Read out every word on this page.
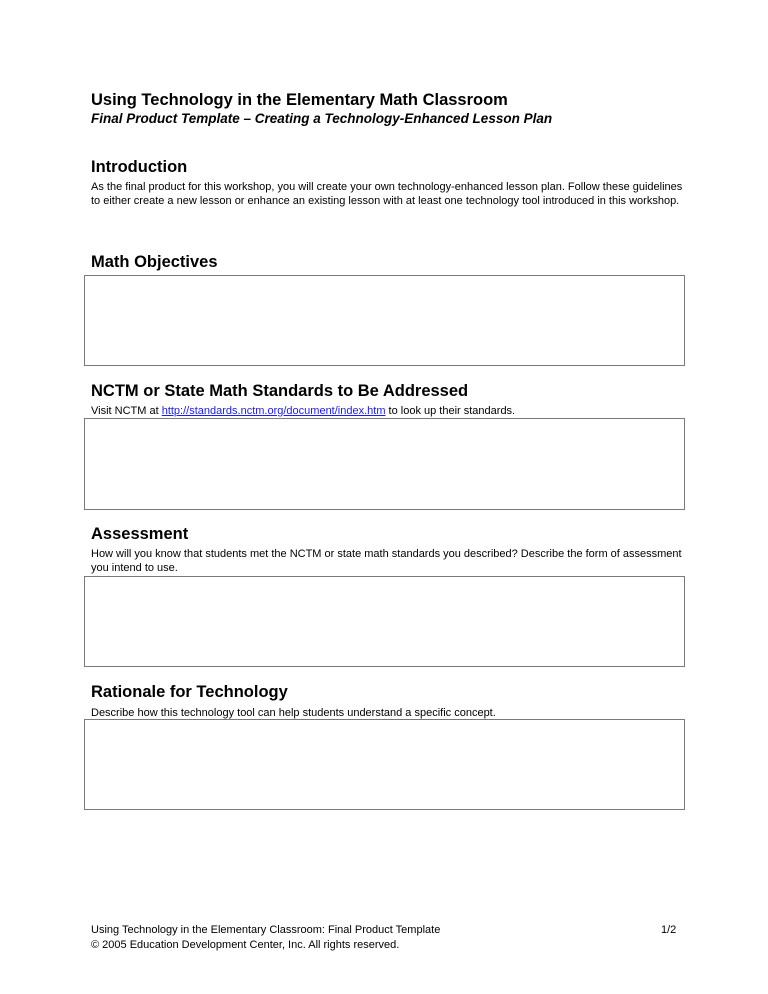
Using Technology in the Elementary Math Classroom
Final Product Template – Creating a Technology-Enhanced Lesson Plan
Introduction

As the final product for this workshop, you will create your own technology-enhanced lesson plan. Follow these guidelines to either create a new lesson or enhance an existing lesson with at least one technology tool introduced in this workshop.

Math Objectives
NCTM or State Math Standards to Be Addressed

Visit NCTM at http://standards.nctm.org/document/index.htm to look up their standards.

Assessment

How will you know that students met the NCTM or state math standards you described? Describe the form of assessment you intend to use.

Rationale for Technology

Describe how this technology tool can help students understand a specific concept.

Using Technology in the Elementary Classroom: Final Product Template
© 2005 Education Development Center, Inc. All rights reserved.
1/2
